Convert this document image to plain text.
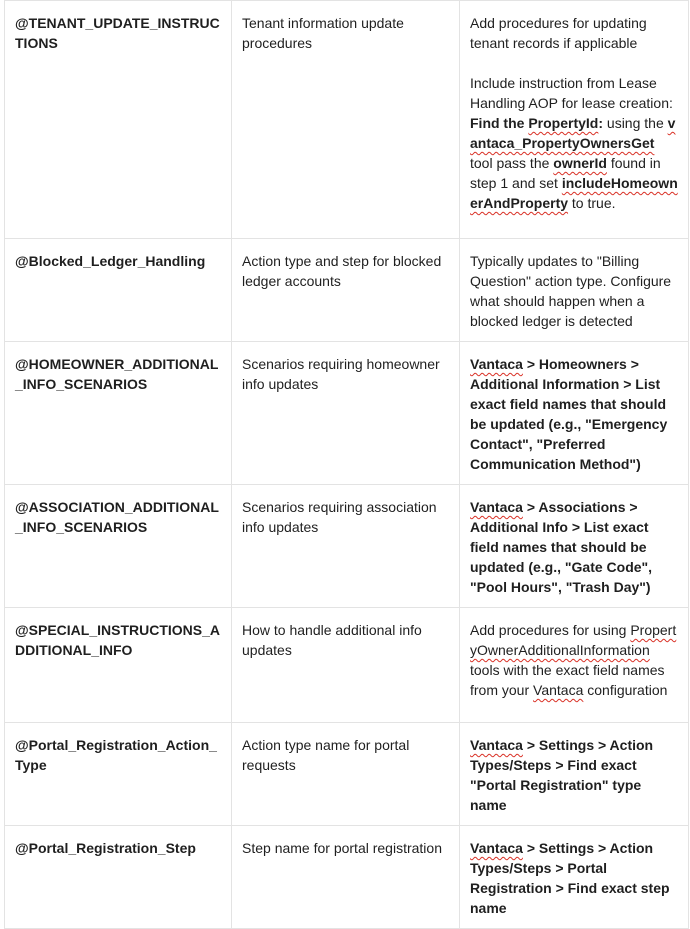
@TENANT_UPDATE_INSTRUCTIONS	Tenant information update procedures	Add procedures for updating tenant records if applicable
Include instruction from Lease Handling AOP for lease creation: Find the PropertyId: using the vantaca_PropertyOwnersGet tool pass the ownerId found in step 1 and set includeHomeownerAndProperty to true.

@Blocked_Ledger_Handling	Action type and step for blocked ledger accounts	Typically updates to "Billing Question" action type. Configure what should happen when a blocked ledger is detected
@HOMEOWNER_ADDITIONAL_INFO_SCENARIOS	Scenarios requiring homeowner info updates	Vantaca > Homeowners > Additional Information > List exact field names that should be updated (e.g., "Emergency Contact", "Preferred Communication Method")
@ASSOCIATION_ADDITIONAL_INFO_SCENARIOS	Scenarios requiring association info updates	Vantaca > Associations > Additional Info > List exact field names that should be updated (e.g., "Gate Code", "Pool Hours", "Trash Day")
@SPECIAL_INSTRUCTIONS_ADDITIONAL_INFO	How to handle additional info updates	Add procedures for using PropertyOwnerAdditionalInformation tools with the exact field names from your Vantaca configuration
@Portal_Registration_Action_Type	Action type name for portal requests	Vantaca > Settings > Action Types/Steps > Find exact "Portal Registration" type name
@Portal_Registration_Step	Step name for portal registration	Vantaca > Settings > Action Types/Steps > Portal Registration > Find exact step name
